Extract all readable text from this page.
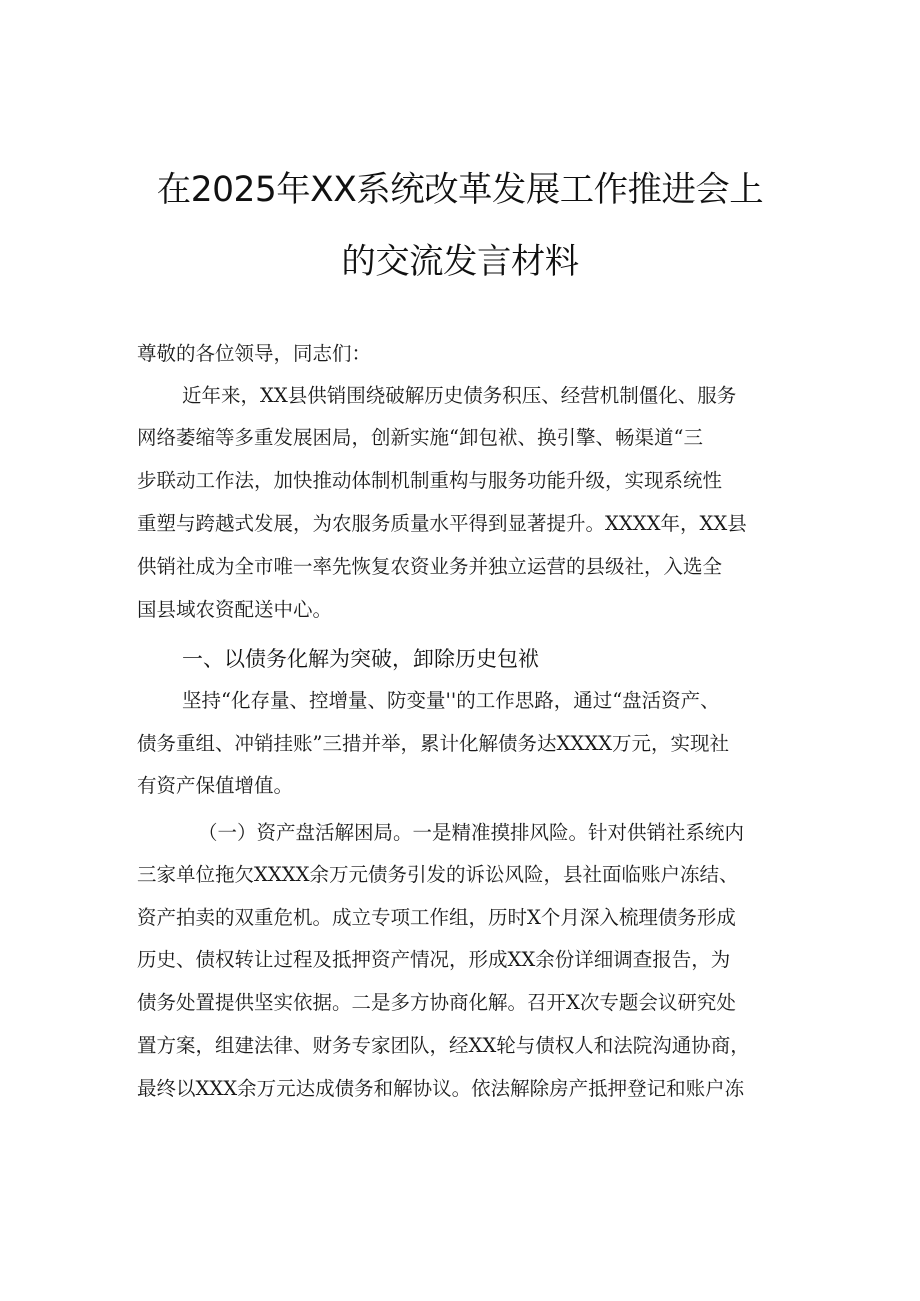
在2025年XX系统改革发展工作推进会上
的交流发言材料
尊敬的各位领导，同志们：
近年来，XX县供销围绕破解历史债务积压、经营机制僵化、服务
网络萎缩等多重发展困局，创新实施“卸包袱、换引擎、畅渠道“三
步联动工作法，加快推动体制机制重构与服务功能升级，实现系统性
重塑与跨越式发展，为农服务质量水平得到显著提升。XXXX年，XX县
供销社成为全市唯一率先恢复农资业务并独立运营的县级社，入选全
国县域农资配送中心。
一、以债务化解为突破，卸除历史包袱
坚持“化存量、控增量、防变量''的工作思路，通过“盘活资产、
债务重组、冲销挂账”三措并举，累计化解债务达XXXX万元，实现社
有资产保值增值。
（一）资产盘活解困局。一是精准摸排风险。针对供销社系统内
三家单位拖欠XXXX余万元债务引发的诉讼风险，县社面临账户冻结、
资产拍卖的双重危机。成立专项工作组，历时X个月深入梳理债务形成
历史、债权转让过程及抵押资产情况，形成XX余份详细调查报告，为
债务处置提供坚实依据。二是多方协商化解。召开X次专题会议研究处
置方案，组建法律、财务专家团队，经XX轮与债权人和法院沟通协商，
最终以XXX余万元达成债务和解协议。依法解除房产抵押登记和账户冻
